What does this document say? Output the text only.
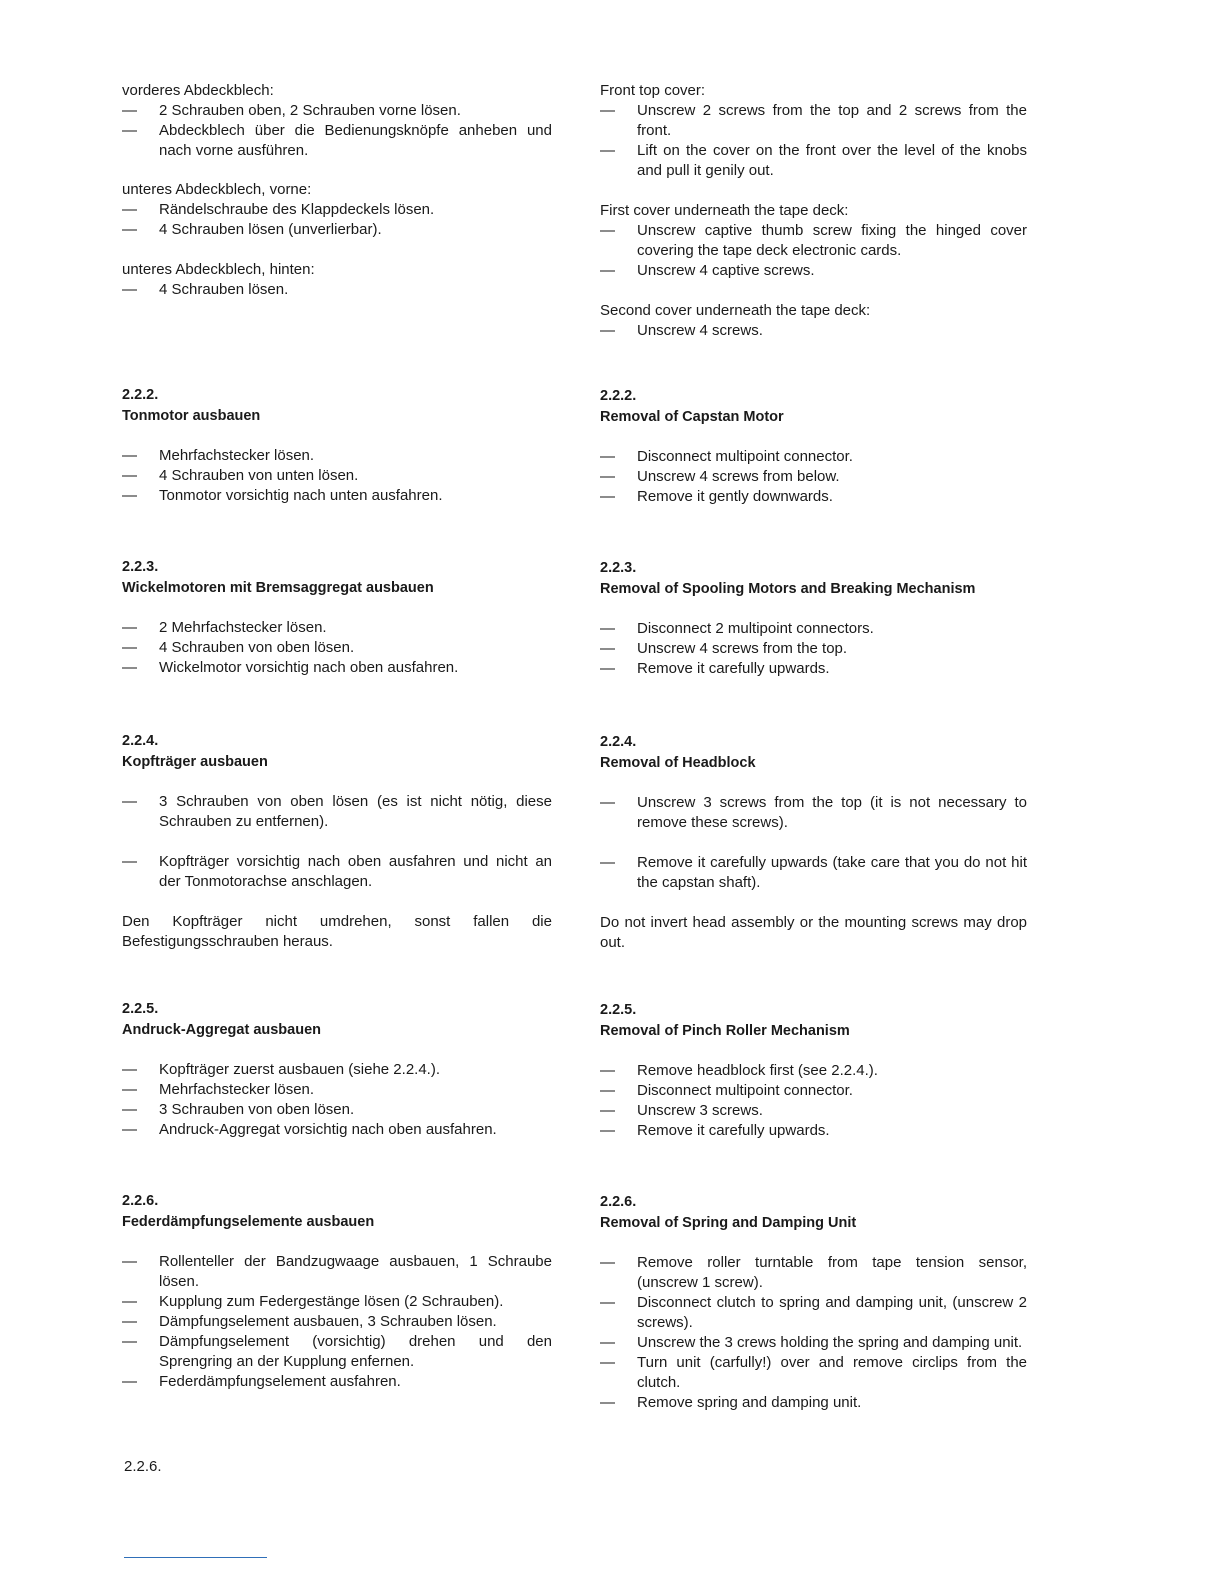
vorderes Abdeckblech:

— 2 Schrauben oben, 2 Schrauben vorne lösen.
— Abdeckblech über die Bedienungsknöpfe anheben und nach vorne ausführen.

unteres Abdeckblech, vorne:

— Rändelschraube des Klappdeckels lösen.
— 4 Schrauben lösen (unverlierbar).

unteres Abdeckblech, hinten:

— 4 Schrauben lösen.

2.2.2.

Tonmotor ausbauen

— Mehrfachstecker lösen.
— 4 Schrauben von unten lösen.
— Tonmotor vorsichtig nach unten ausfahren.

2.2.3.

Wickelmotoren mit Bremsaggregat ausbauen

— 2 Mehrfachstecker lösen.
— 4 Schrauben von oben lösen.
— Wickelmotor vorsichtig nach oben ausfahren.

2.2.4.

Kopfträger ausbauen

— 3 Schrauben von oben lösen (es ist nicht nötig, diese Schrauben zu entfernen).
— Kopfträger vorsichtig nach oben ausfahren und nicht an der Tonmotorachse anschlagen.

Den Kopfträger nicht umdrehen, sonst fallen die Befestigungsschrauben heraus.

2.2.5.

Andruck-Aggregat ausbauen

— Kopfträger zuerst ausbauen (siehe 2.2.4.).
— Mehrfachstecker lösen.
— 3 Schrauben von oben lösen.
— Andruck-Aggregat vorsichtig nach oben ausfahren.

2.2.6.

Federdämpfungselemente ausbauen

— Rollenteller der Bandzugwaage ausbauen, 1 Schraube lösen.
— Kupplung zum Federgestänge lösen (2 Schrauben).
— Dämpfungselement ausbauen, 3 Schrauben lösen.
— Dämpfungselement (vorsichtig) drehen und den Sprengring an der Kupplung enfernen.
— Federdämpfungselement ausfahren.

Front top cover:

— Unscrew 2 screws from the top and 2 screws from the front.
— Lift on the cover on the front over the level of the knobs and pull it genily out.

First cover underneath the tape deck:

— Unscrew captive thumb screw fixing the hinged cover covering the tape deck electronic cards.
— Unscrew 4 captive screws.

Second cover underneath the tape deck:

— Unscrew 4 screws.

2.2.2.

Removal of Capstan Motor

— Disconnect multipoint connector.
— Unscrew 4 screws from below.
— Remove it gently downwards.

2.2.3.

Removal of Spooling Motors and Breaking Mechanism

— Disconnect 2 multipoint connectors.
— Unscrew 4 screws from the top.
— Remove it carefully upwards.

2.2.4.

Removal of Headblock

— Unscrew 3 screws from the top (it is not necessary to remove these screws).
— Remove it carefully upwards (take care that you do not hit the capstan shaft).

Do not invert head assembly or the mounting screws may drop out.

2.2.5.

Removal of Pinch Roller Mechanism

— Remove headblock first (see 2.2.4.).
— Disconnect multipoint connector.
— Unscrew 3 screws.
— Remove it carefully upwards.

2.2.6.

Removal of Spring and Damping Unit

— Remove roller turntable from tape tension sensor, (unscrew 1 screw).
— Disconnect clutch to spring and damping unit, (unscrew 2 screws).
— Unscrew the 3 crews holding the spring and damping unit.
— Turn unit (carfully!) over and remove circlips from the clutch.
— Remove spring and damping unit.
2.2.6.
